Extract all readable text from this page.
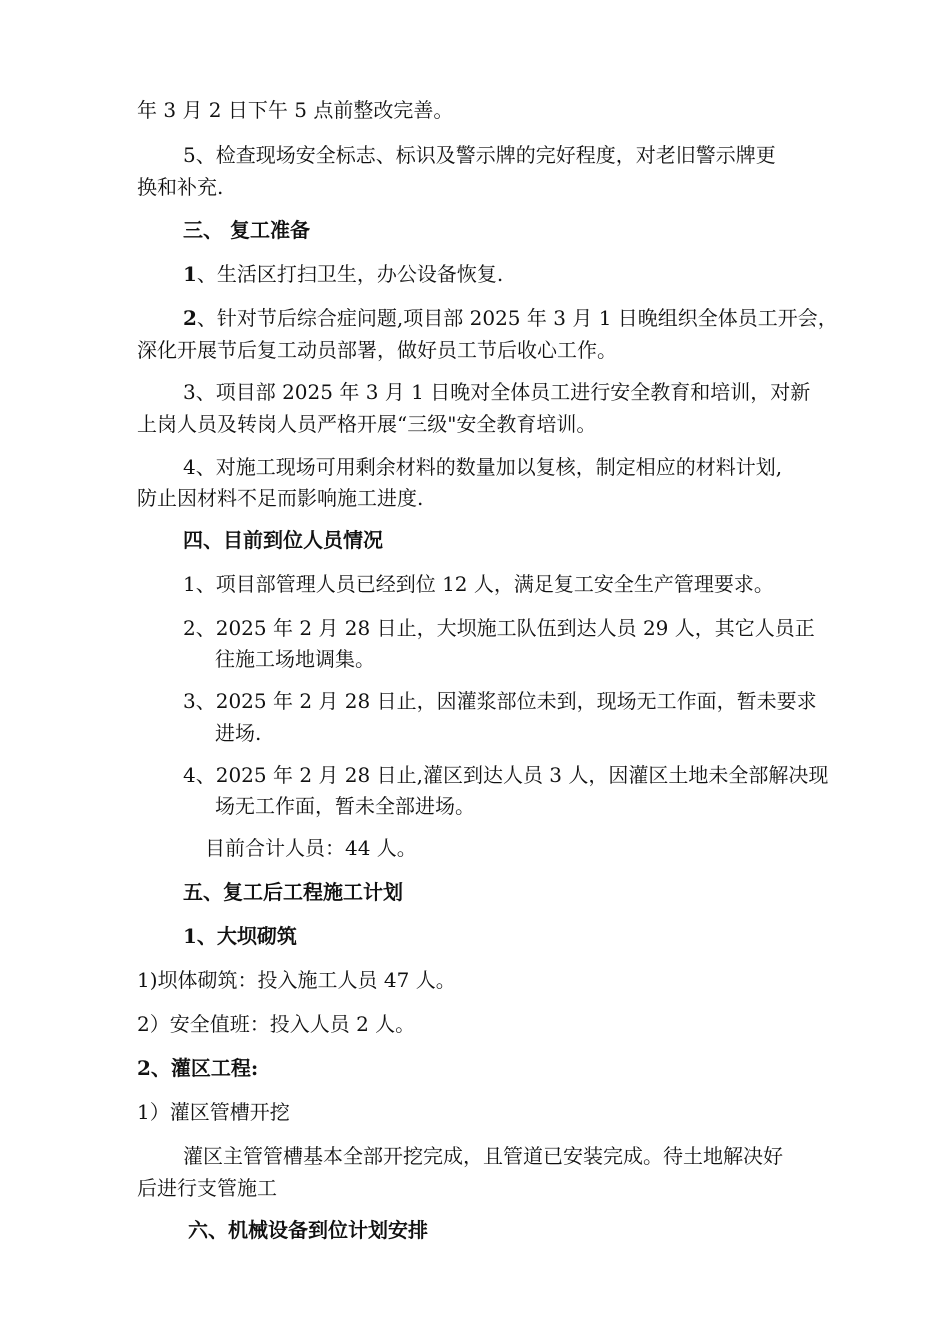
年 3 月 2 日下午 5 点前整改完善。
5、检查现场安全标志、标识及警示牌的完好程度，对老旧警示牌更
换和补充.
三、 复工准备
1、生活区打扫卫生，办公设备恢复.
2、针对节后综合症问题,项目部 2025 年 3 月 1 日晚组织全体员工开会，
深化开展节后复工动员部署，做好员工节后收心工作。
3、项目部 2025 年 3 月 1 日晚对全体员工进行安全教育和培训，对新
上岗人员及转岗人员严格开展“三级"安全教育培训。
4、对施工现场可用剩余材料的数量加以复核，制定相应的材料计划,
防止因材料不足而影响施工进度.
四、目前到位人员情况
1、项目部管理人员已经到位 12 人，满足复工安全生产管理要求。
2、2025 年 2 月 28 日止，大坝施工队伍到达人员 29 人，其它人员正
往施工场地调集。
3、2025 年 2 月 28 日止，因灌浆部位未到，现场无工作面，暂未要求
进场.
4、2025 年 2 月 28 日止,灌区到达人员 3 人，因灌区土地未全部解决现
场无工作面，暂未全部进场。
目前合计人员：44 人。
五、复工后工程施工计划
1、大坝砌筑
1)坝体砌筑：投入施工人员 47 人。
2）安全值班：投入人员 2 人。
2、灌区工程:
1）灌区管槽开挖
灌区主管管槽基本全部开挖完成，且管道已安装完成。待土地解决好
后进行支管施工
六、机械设备到位计划安排
